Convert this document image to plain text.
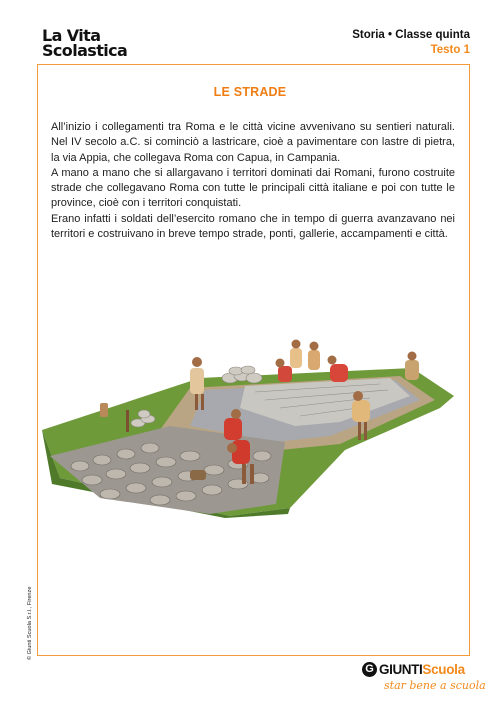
La Vita
Scolastica
Storia • Classe quinta
Testo 1
LE STRADE

All’inizio i collegamenti tra Roma e le città vicine avvenivano su sentieri naturali. Nel IV secolo a.C. si cominciò a lastricare, cioè a pavimentare con lastre di pietra, la via Appia, che collegava Roma con Capua, in Campania.

A mano a mano che si allargavano i territori dominati dai Romani, furono costruite strade che collegavano Roma con tutte le principali città italiane e poi con tutte le province, cioè con i territori conquistati.

Erano infatti i soldati dell’esercito romano che in tempo di guerra avanzavano nei territori e costruivano in breve tempo strade, ponti, gallerie, accampamenti e città.

© Giunti Scuola S.r.l., Firenze
G GIUNTI Scuola
star bene a scuola
